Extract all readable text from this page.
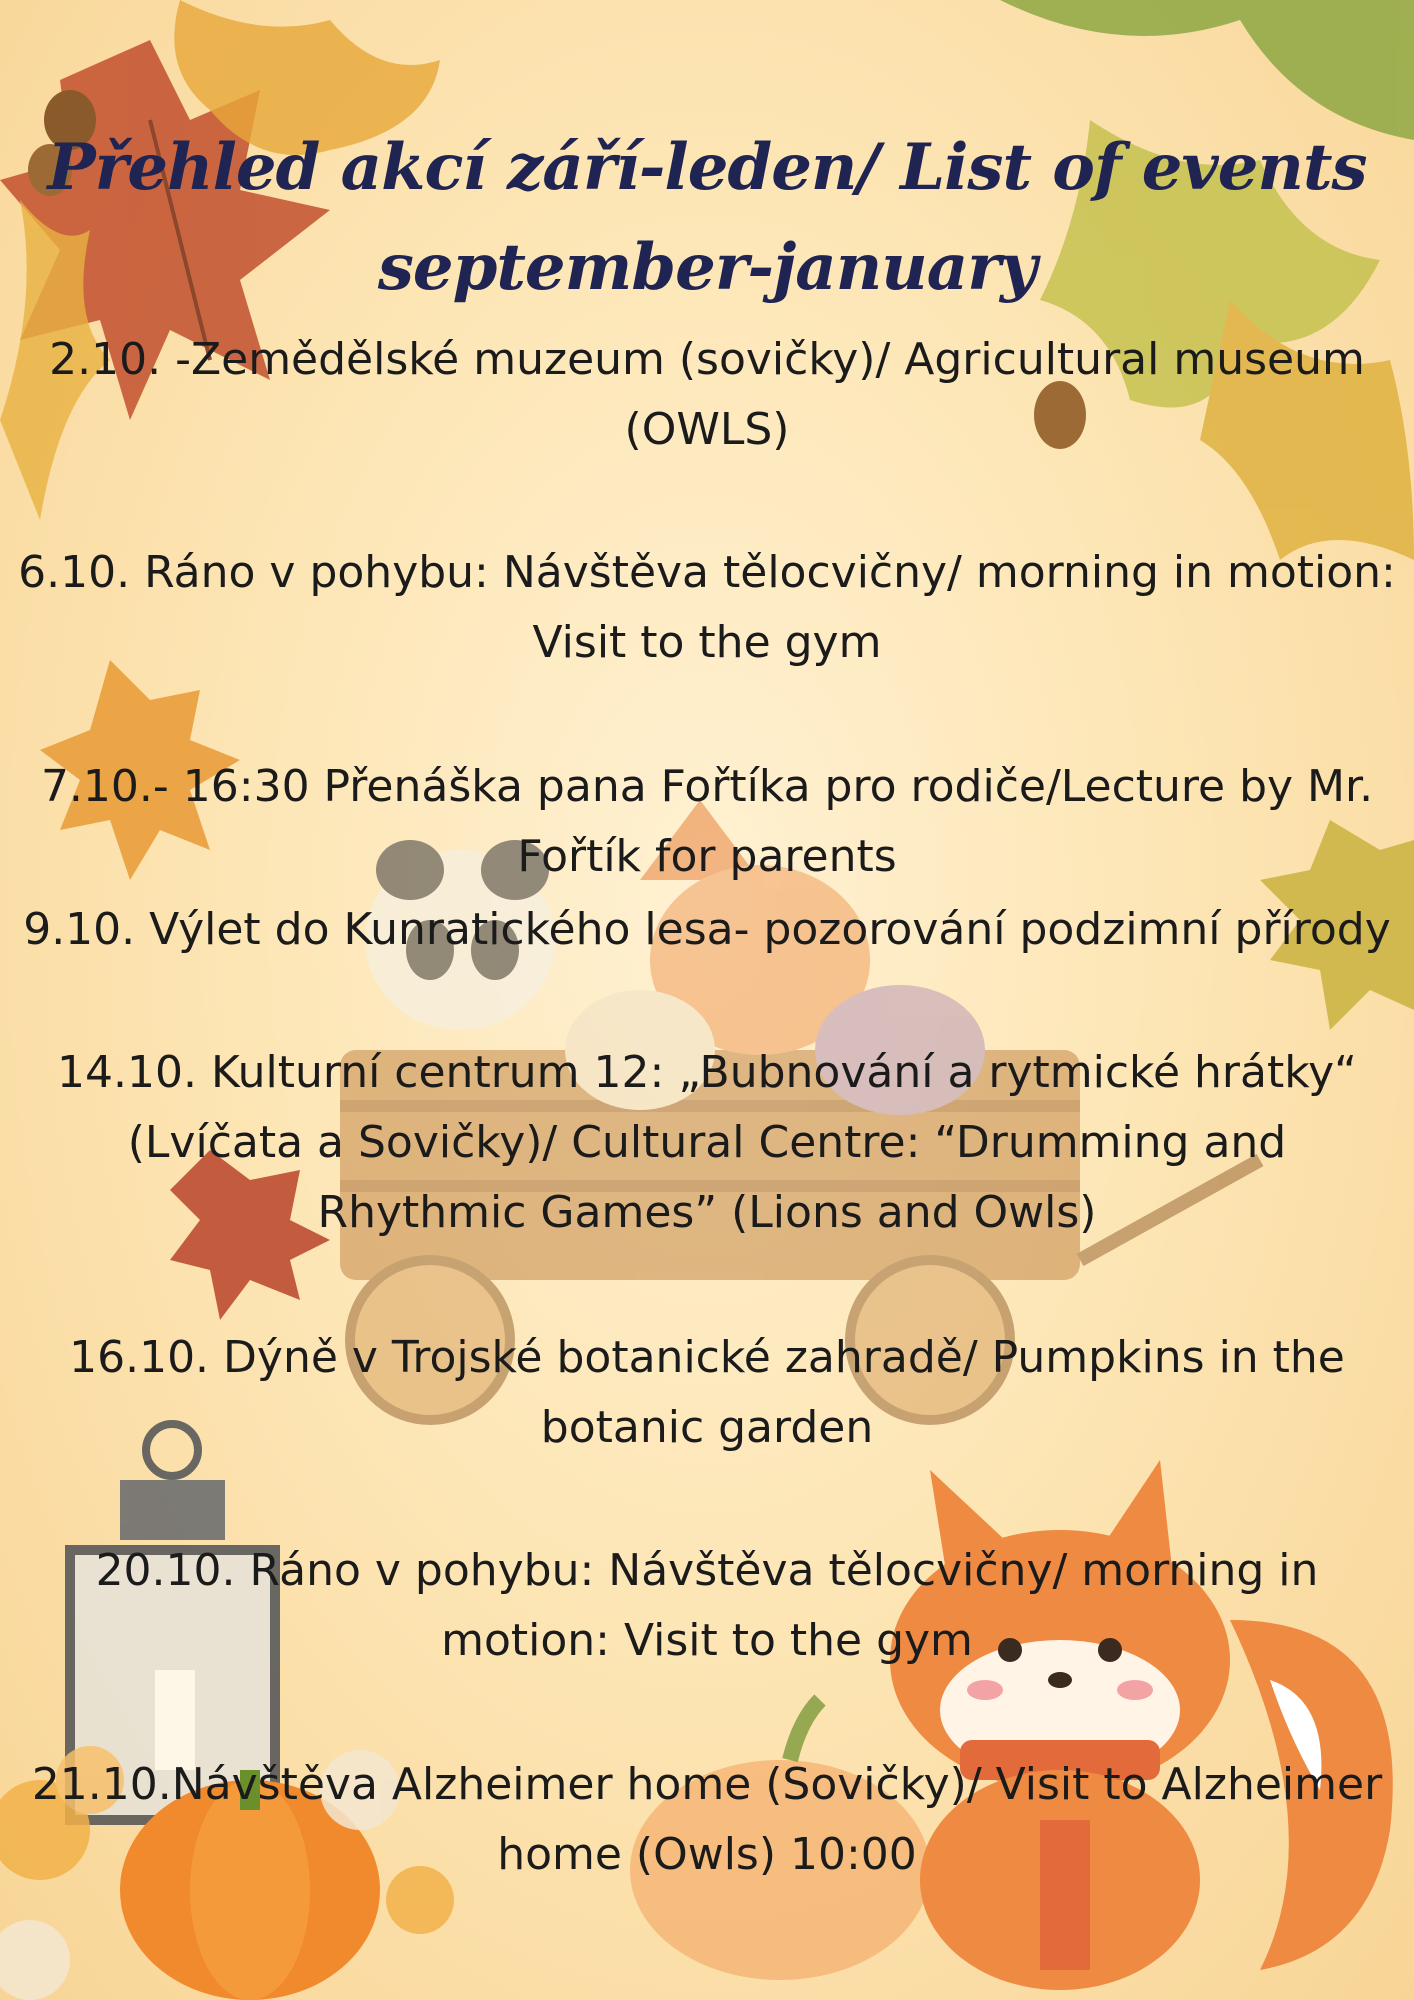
Přehled akcí září-leden/ List of events
september-january
2.10. -Zemědělské muzeum (sovičky)/ Agricultural museum
(OWLS)
6.10. Ráno v pohybu: Návštěva tělocvičny/ morning in motion:
Visit to the gym
7.10.- 16:30 Přenáška pana Fořtíka pro rodiče/Lecture by Mr.
Fořtík for parents
9.10. Výlet do Kunratického lesa- pozorování podzimní přírody
14.10. Kulturní centrum 12: „Bubnování a rytmické hrátky“
(Lvíčata a Sovičky)/ Cultural Centre: “Drumming and
Rhythmic Games” (Lions and Owls)
16.10. Dýně v Trojské botanické zahradě/ Pumpkins in the
botanic garden
20.10. Ráno v pohybu: Návštěva tělocvičny/ morning in
motion: Visit to the gym
21.10.Návštěva Alzheimer home (Sovičky)/ Visit to Alzheimer
home (Owls) 10:00
